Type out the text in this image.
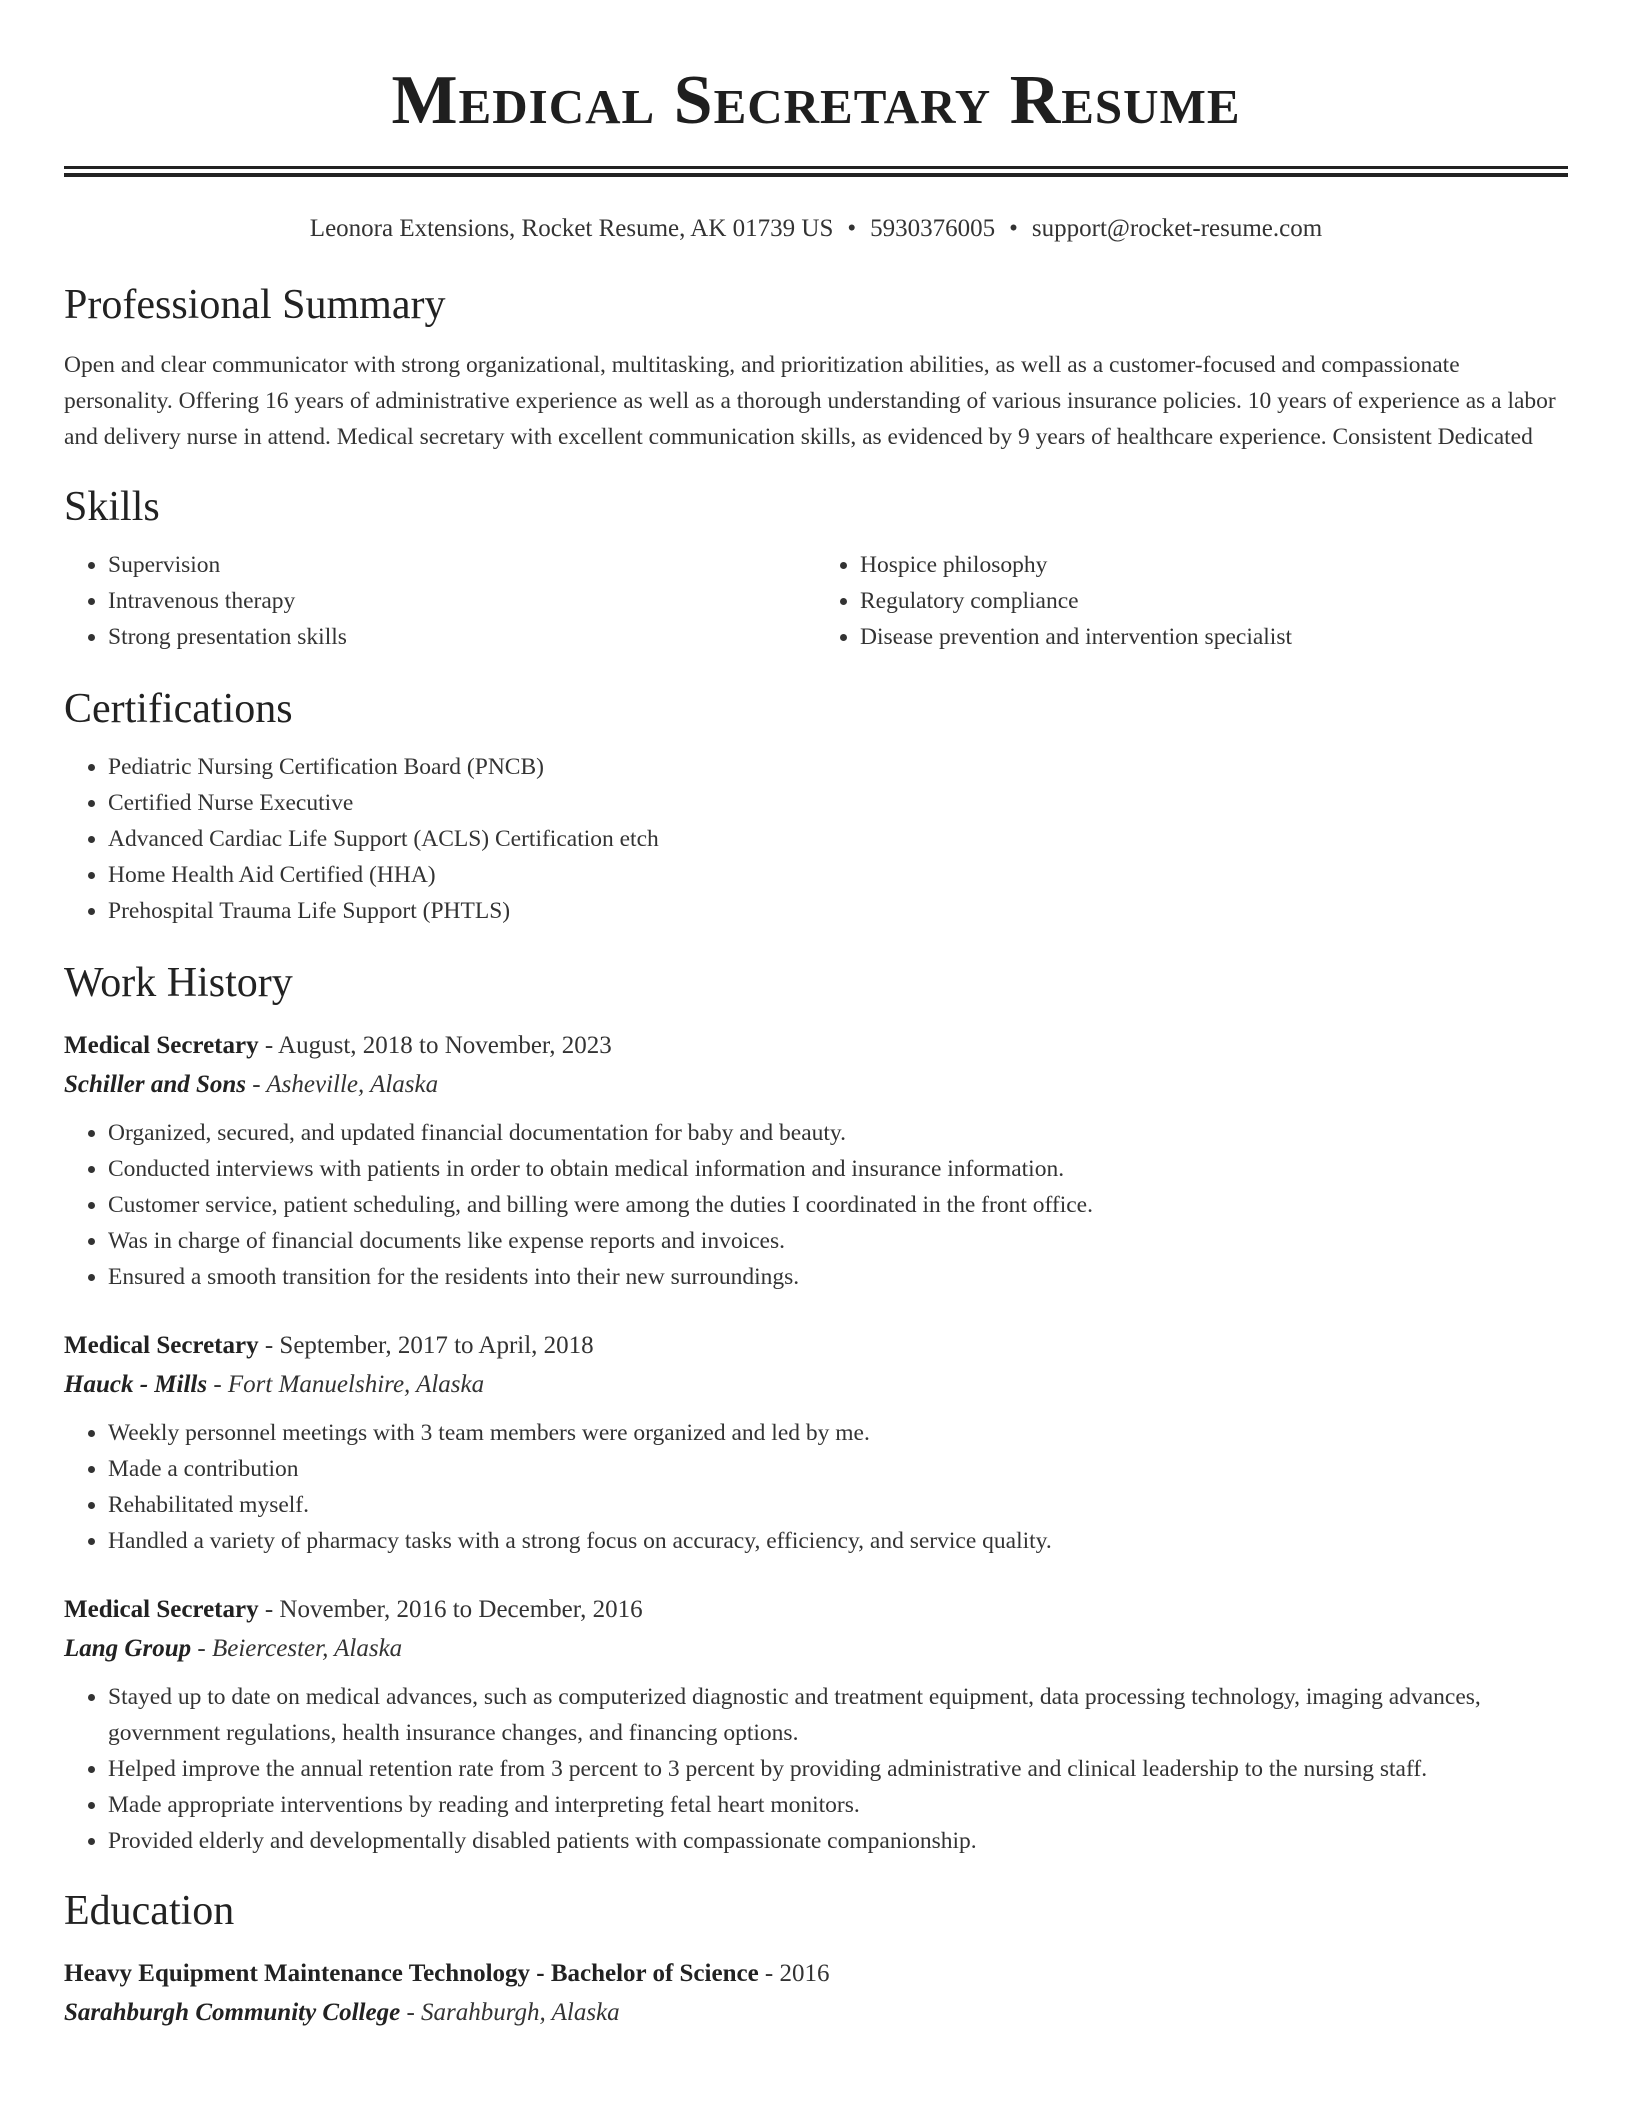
Medical Secretary Resume
Leonora Extensions, Rocket Resume, AK 01739 US • 5930376005 • support@rocket-resume.com
Professional Summary
Open and clear communicator with strong organizational, multitasking, and prioritization abilities, as well as a customer-focused and compassionate personality. Offering 16 years of administrative experience as well as a thorough understanding of various insurance policies. 10 years of experience as a labor and delivery nurse in attend. Medical secretary with excellent communication skills, as evidenced by 9 years of healthcare experience. Consistent Dedicated
Skills
• Supervision
• Intravenous therapy
• Strong presentation skills
• Hospice philosophy
• Regulatory compliance
• Disease prevention and intervention specialist
Certifications
• Pediatric Nursing Certification Board (PNCB)
• Certified Nurse Executive
• Advanced Cardiac Life Support (ACLS) Certification etch
• Home Health Aid Certified (HHA)
• Prehospital Trauma Life Support (PHTLS)
Work History
Medical Secretary - August, 2018 to November, 2023
Schiller and Sons - Asheville, Alaska
• Organized, secured, and updated financial documentation for baby and beauty.
• Conducted interviews with patients in order to obtain medical information and insurance information.
• Customer service, patient scheduling, and billing were among the duties I coordinated in the front office.
• Was in charge of financial documents like expense reports and invoices.
• Ensured a smooth transition for the residents into their new surroundings.
Medical Secretary - September, 2017 to April, 2018
Hauck - Mills - Fort Manuelshire, Alaska
• Weekly personnel meetings with 3 team members were organized and led by me.
• Made a contribution
• Rehabilitated myself.
• Handled a variety of pharmacy tasks with a strong focus on accuracy, efficiency, and service quality.
Medical Secretary - November, 2016 to December, 2016
Lang Group - Beiercester, Alaska
• Stayed up to date on medical advances, such as computerized diagnostic and treatment equipment, data processing technology, imaging advances, government regulations, health insurance changes, and financing options.
• Helped improve the annual retention rate from 3 percent to 3 percent by providing administrative and clinical leadership to the nursing staff.
• Made appropriate interventions by reading and interpreting fetal heart monitors.
• Provided elderly and developmentally disabled patients with compassionate companionship.
Education
Heavy Equipment Maintenance Technology - Bachelor of Science - 2016
Sarahburgh Community College - Sarahburgh, Alaska
